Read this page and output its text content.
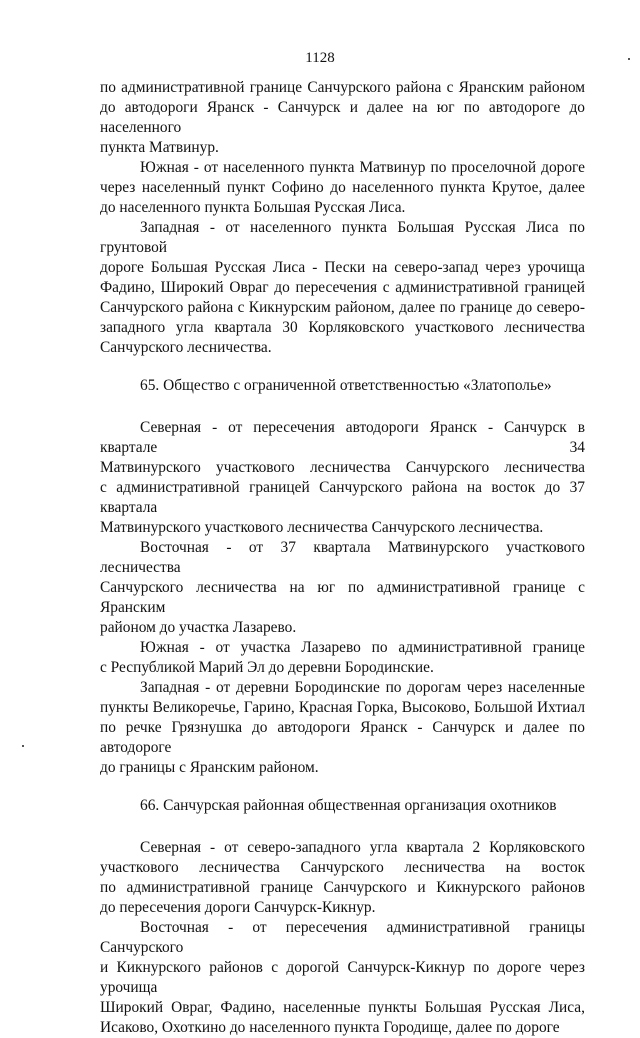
1128

по административной границе Санчурского района с Яранским районом
до автодороги Яранск - Санчурск и далее на юг по автодороге до населенного
пункта Матвинур.

Южная - от населенного пункта Матвинур по проселочной дороге
через населенный пункт Софино до населенного пункта Крутое, далее
до населенного пункта Большая Русская Лиса.

Западная - от населенного пункта Большая Русская Лиса по грунтовой
дороге Большая Русская Лиса - Пески на северо-запад через урочища
Фадино, Широкий Овраг до пересечения с административной границей
Санчурского района с Кикнурским районом, далее по границе до северо-
западного угла квартала 30 Корляковского участкового лесничества
Санчурского лесничества.

65. Общество с ограниченной ответственностью «Златополье»

Северная - от пересечения автодороги Яранск - Санчурск в квартале 34
Матвинурского участкового лесничества Санчурского лесничества
с административной границей Санчурского района на восток до 37 квартала
Матвинурского участкового лесничества Санчурского лесничества.

Восточная - от 37 квартала Матвинурского участкового лесничества
Санчурского лесничества на юг по административной границе с Яранским
районом до участка Лазарево.

Южная - от участка Лазарево по административной границе
с Республикой Марий Эл до деревни Бородинские.

Западная - от деревни Бородинские по дорогам через населенные
пункты Великоречье, Гарино, Красная Горка, Высоково, Большой Ихтиал
по речке Грязнушка до автодороги Яранск - Санчурск и далее по автодороге
до границы с Яранским районом.

66. Санчурская районная общественная организация охотников

Северная - от северо-западного угла квартала 2 Корляковского
участкового лесничества Санчурского лесничества на восток
по административной границе Санчурского и Кикнурского районов
до пересечения дороги Санчурск-Кикнур.

Восточная - от пересечения административной границы Санчурского
и Кикнурского районов с дорогой Санчурск-Кикнур по дороге через урочища
Широкий Овраг, Фадино, населенные пункты Большая Русская Лиса,
Исаково, Охоткино до населенного пункта Городище, далее по дороге
